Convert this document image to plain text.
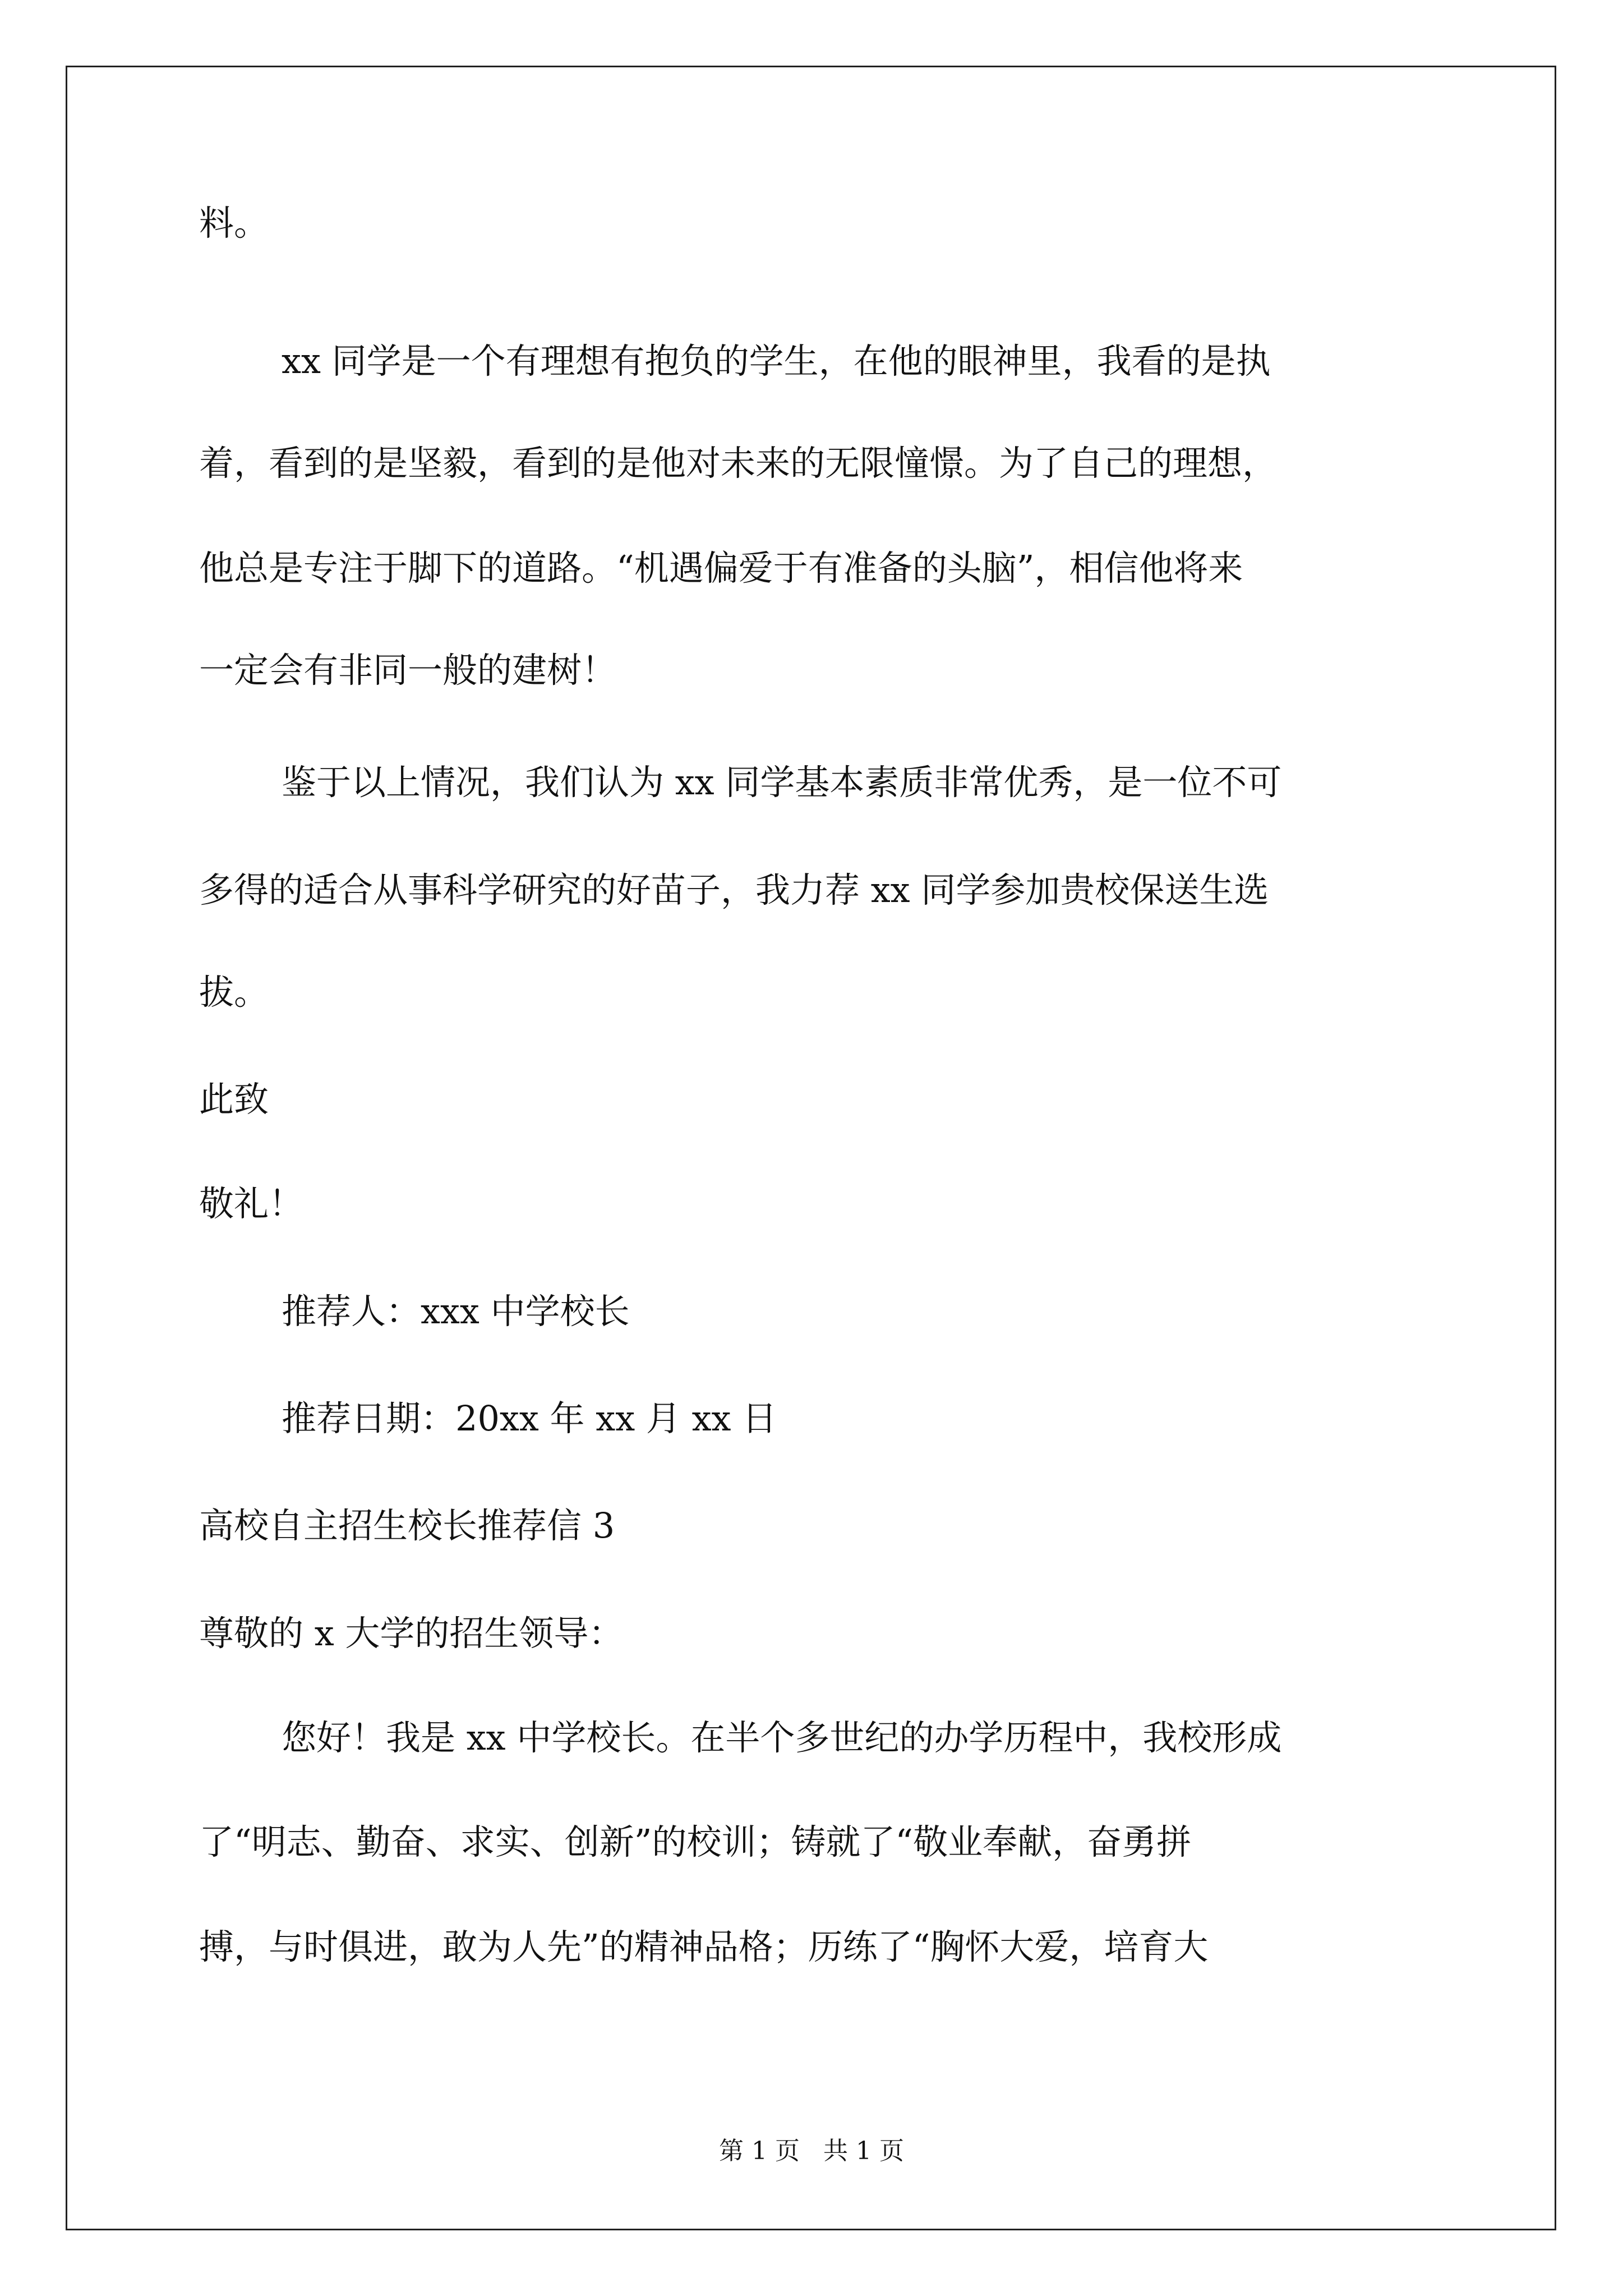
料。
xx 同学是一个有理想有抱负的学生，在他的眼神里，我看的是执
着，看到的是坚毅，看到的是他对未来的无限憧憬。为了自己的理想，
他总是专注于脚下的道路。“机遇偏爱于有准备的头脑”，相信他将来
一定会有非同一般的建树！
鉴于以上情况，我们认为 xx 同学基本素质非常优秀，是一位不可
多得的适合从事科学研究的好苗子，我力荐 xx 同学参加贵校保送生选
拔。
此致
敬礼！
推荐人：xxx 中学校长
推荐日期：20xx 年 xx 月 xx 日
高校自主招生校长推荐信 3
尊敬的 x 大学的招生领导：
您好！我是 xx 中学校长。在半个多世纪的办学历程中，我校形成
了“明志、勤奋、求实、创新”的校训；铸就了“敬业奉献，奋勇拼
搏，与时俱进，敢为人先”的精神品格；历练了“胸怀大爱，培育大
第 1 页   共 1 页
